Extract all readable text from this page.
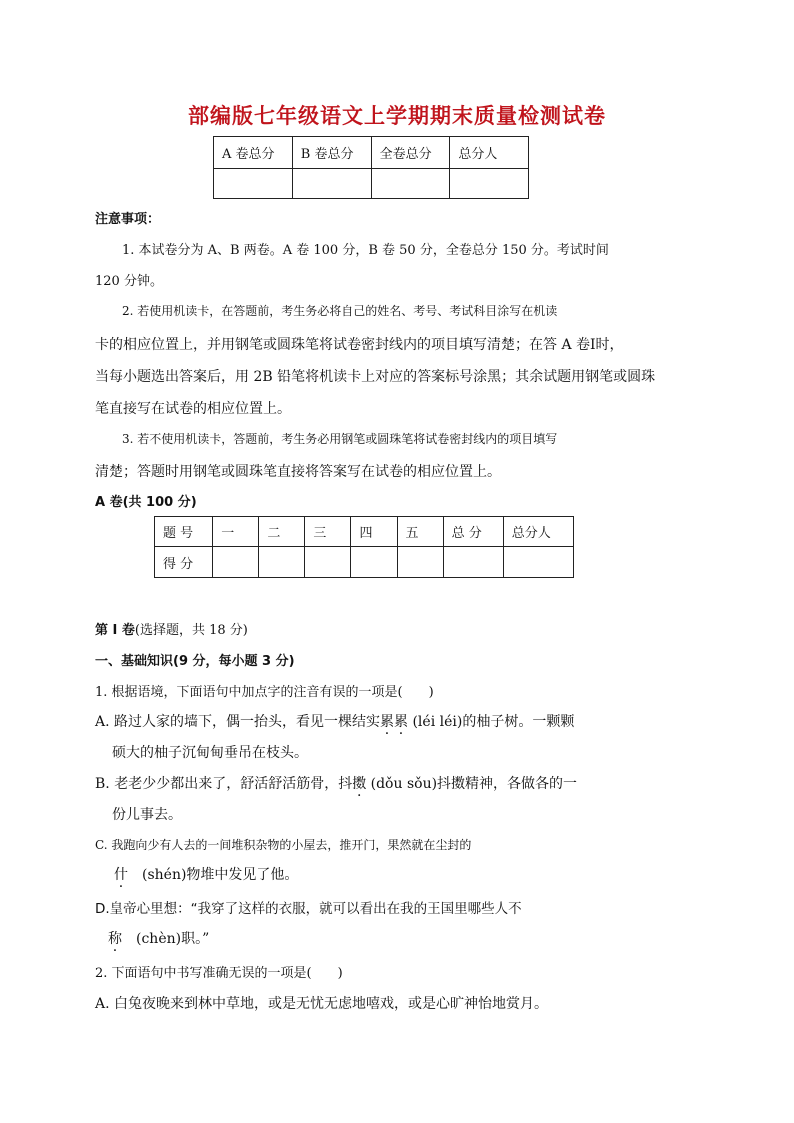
部编版七年级语文上学期期末质量检测试卷
A 卷总分	B 卷总分	全卷总分	总分人

注意事项：
1. 本试卷分为 A、B 两卷。A 卷 100 分，B 卷 50 分，全卷总分 150 分。考试时间
120 分钟。
2. 若使用机读卡，在答题前，考生务必将自己的姓名、考号、考试科目涂写在机读
卡的相应位置上，并用钢笔或圆珠笔将试卷密封线内的项目填写清楚；在答 A 卷Ⅰ时，
当每小题选出答案后，用 2B 铅笔将机读卡上对应的答案标号涂黑；其余试题用钢笔或圆珠
笔直接写在试卷的相应位置上。
3. 若不使用机读卡，答题前，考生务必用钢笔或圆珠笔将试卷密封线内的项目填写
清楚；答题时用钢笔或圆珠笔直接将答案写在试卷的相应位置上。
A 卷(共 100 分)
题 号	一	二	三	四	五	总 分	总分人
得 分							
第 I 卷(选择题，共 18 分)
一、基础知识(9 分，每小题 3 分)
1. 根据语境，下面语句中加点字的注音有误的一项是(　　)
A. 路过人家的墙下，偶一抬头，看见一棵结实累累 (léi léi)的柚子树。一颗颗
硕大的柚子沉甸甸垂吊在枝头。
B. 老老少少都出来了，舒活舒活筋骨，抖擞 (dǒu sǒu)抖擞精神，各做各的一
份儿事去。
C. 我跑向少有人去的一间堆积杂物的小屋去，推开门，果然就在尘封的
什　(shén)物堆中发见了他。
D.皇帝心里想：“我穿了这样的衣服，就可以看出在我的王国里哪些人不
称　(chèn)职。”
2. 下面语句中书写准确无误的一项是(　　)
A. 白兔夜晚来到林中草地，或是无忧无虑地嘻戏，或是心旷神怡地赏月。
